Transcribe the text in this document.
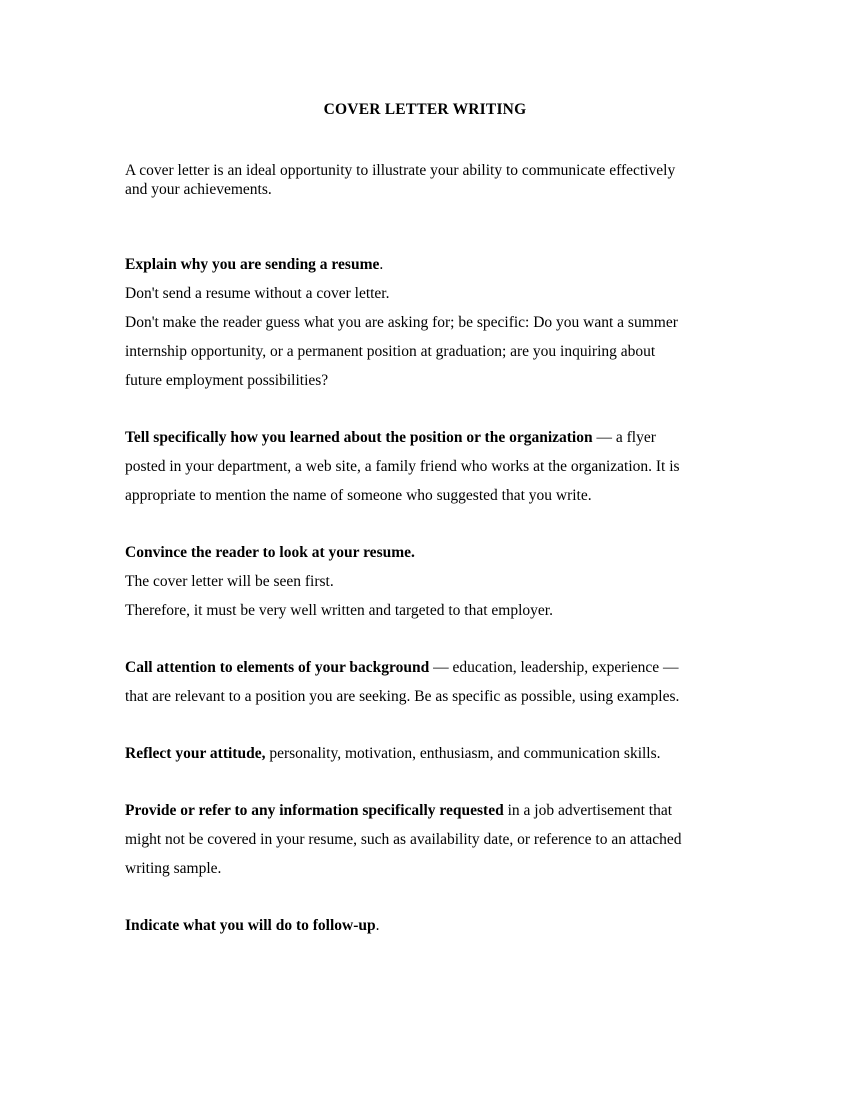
COVER LETTER WRITING
A cover letter is an ideal opportunity to illustrate your ability to communicate effectively
and your achievements.
Explain why you are sending a resume.
Don't send a resume without a cover letter.
Don't make the reader guess what you are asking for; be specific: Do you want a summer
internship opportunity, or a permanent position at graduation; are you inquiring about
future employment possibilities?
Tell specifically how you learned about the position or the organization — a flyer
posted in your department, a web site, a family friend who works at the organization. It is
appropriate to mention the name of someone who suggested that you write.
Convince the reader to look at your resume.
The cover letter will be seen first.
Therefore, it must be very well written and targeted to that employer.
Call attention to elements of your background — education, leadership, experience —
that are relevant to a position you are seeking. Be as specific as possible, using examples.
Reflect your attitude, personality, motivation, enthusiasm, and communication skills.
Provide or refer to any information specifically requested in a job advertisement that
might not be covered in your resume, such as availability date, or reference to an attached
writing sample.
Indicate what you will do to follow-up.
